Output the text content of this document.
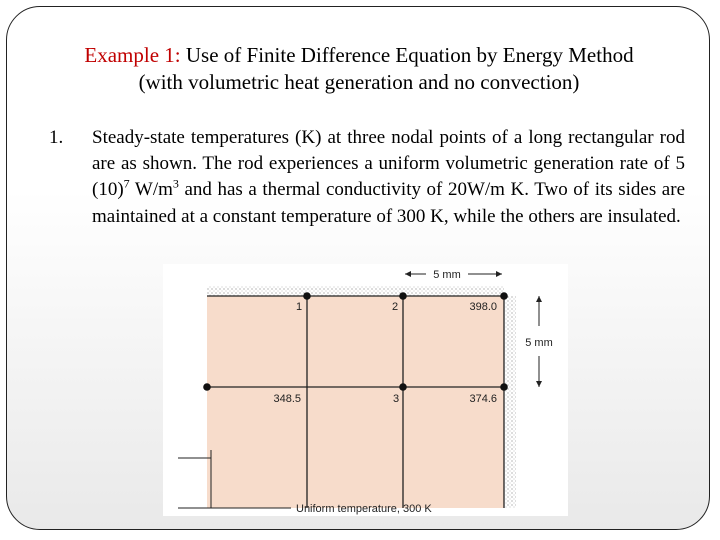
Example 1: Use of Finite Difference Equation by Energy Method
(with volumetric heat generation and no convection)
1. Steady-state temperatures (K) at three nodal points of a long rectangular rod are as shown. The rod experiences a uniform volumetric generation rate of 5 $(10)^7$ $W/m^3$ and has a thermal conductivity of 20W/m K. Two of its sides are maintained at a constant temperature of 300 K, while the others are insulated.
5 mm
5 mm
1	2	398.0
348.5	3	374.6
Uniform temperature, 300 K
